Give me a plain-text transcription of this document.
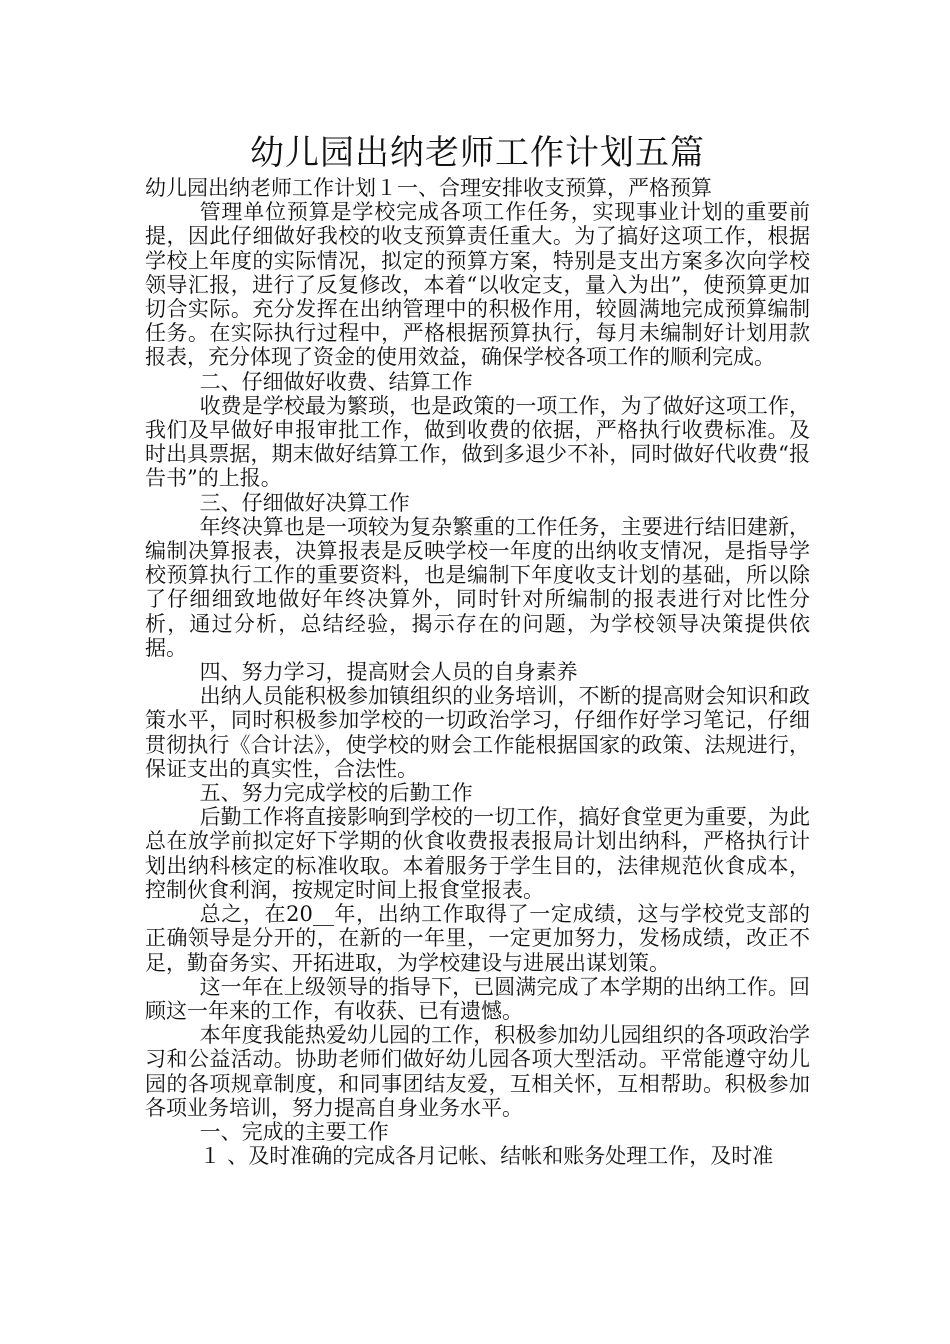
幼儿园出纳老师工作计划五篇

幼儿园出纳老师工作计划１一、合理安排收支预算，严格预算

管理单位预算是学校完成各项工作任务，实现事业计划的重要前提，因此仔细做好我校的收支预算责任重大。为了搞好这项工作，根据学校上年度的实际情况，拟定的预算方案，特别是支出方案多次向学校领导汇报，进行了反复修改，本着“以收定支，量入为出”，使预算更加切合实际。充分发挥在出纳管理中的积极作用，较圆满地完成预算编制任务。在实际执行过程中，严格根据预算执行，每月未编制好计划用款报表，充分体现了资金的使用效益，确保学校各项工作的顺利完成。

二、仔细做好收费、结算工作

收费是学校最为繁琐，也是政策的一项工作，为了做好这项工作，我们及早做好申报审批工作，做到收费的依据，严格执行收费标准。及时出具票据，期末做好结算工作，做到多退少不补，同时做好代收费“报告书”的上报。

三、仔细做好决算工作

年终决算也是一项较为复杂繁重的工作任务，主要进行结旧建新，编制决算报表，决算报表是反映学校一年度的出纳收支情况，是指导学校预算执行工作的重要资料，也是编制下年度收支计划的基础，所以除了仔细细致地做好年终决算外，同时针对所编制的报表进行对比性分析，通过分析，总结经验，揭示存在的问题，为学校领导决策提供依据。

四、努力学习，提高财会人员的自身素养

出纳人员能积极参加镇组织的业务培训，不断的提高财会知识和政策水平，同时积极参加学校的一切政治学习，仔细作好学习笔记，仔细贯彻执行《合计法》，使学校的财会工作能根据国家的政策、法规进行，保证支出的真实性，合法性。

五、努力完成学校的后勤工作

后勤工作将直接影响到学校的一切工作，搞好食堂更为重要，为此总在放学前拟定好下学期的伙食收费报表报局计划出纳科，严格执行计划出纳科核定的标准收取。本着服务于学生目的，法律规范伙食成本，控制伙食利润，按规定时间上报食堂报表。

总之，在20__年，出纳工作取得了一定成绩，这与学校党支部的正确领导是分开的，在新的一年里，一定更加努力，发杨成绩，改正不足，勤奋务实、开拓进取，为学校建设与进展出谋划策。

这一年在上级领导的指导下，已圆满完成了本学期的出纳工作。回顾这一年来的工作，有收获、已有遗憾。

本年度我能热爱幼儿园的工作，积极参加幼儿园组织的各项政治学习和公益活动。协助老师们做好幼儿园各项大型活动。平常能遵守幼儿园的各项规章制度，和同事团结友爱，互相关怀，互相帮助。积极参加各项业务培训，努力提高自身业务水平。

一、完成的主要工作

１ 、及时准确的完成各月记帐、结帐和账务处理工作，及时准
